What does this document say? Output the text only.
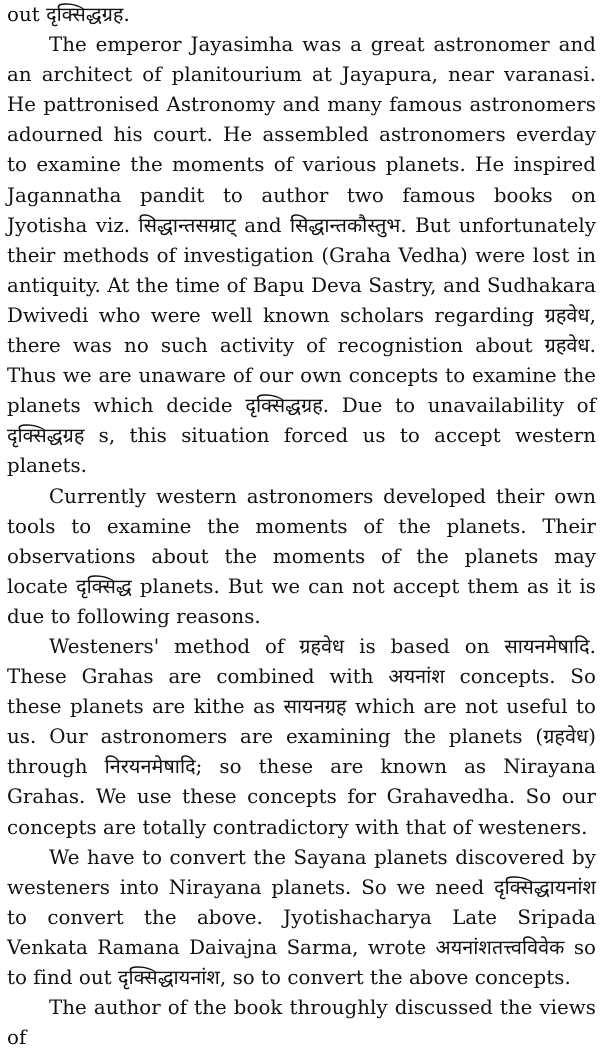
out दृक्सिद्धग्रह.

The emperor Jayasimha was a great astronomer and an architect of planitourium at Jayapura, near varanasi. He pattronised Astronomy and many famous astronomers adourned his court. He assembled astronomers everday to examine the moments of various planets. He inspired Jagannatha pandit to author two famous books on Jyotisha viz. सिद्धान्तसम्राट् and सिद्धान्तकौस्तुभ. But unfortunately their methods of investigation (Graha Vedha) were lost in antiquity. At the time of Bapu Deva Sastry, and Sudhakara Dwivedi who were well known scholars regarding ग्रहवेध, there was no such activity of recognistion about ग्रहवेध. Thus we are unaware of our own concepts to examine the planets which decide दृक्सिद्धग्रह. Due to unavailability of दृक्सिद्धग्रह s, this situation forced us to accept western planets.

Currently western astronomers developed their own tools to examine the moments of the planets. Their observations about the moments of the planets may locate दृक्सिद्ध planets. But we can not accept them as it is due to following reasons.

Westeners' method of ग्रहवेध is based on सायनमेषादि. These Grahas are combined with अयनांश concepts. So these planets are kithe as सायनग्रह which are not useful to us. Our astronomers are examining the planets (ग्रहवेध) through निरयनमेषादि; so these are known as Nirayana Grahas. We use these concepts for Grahavedha. So our concepts are totally contradictory with that of westeners.

We have to convert the Sayana planets discovered by westeners into Nirayana planets. So we need दृक्सिद्धायनांश to convert the above. Jyotishacharya Late Sripada Venkata Ramana Daivajna Sarma, wrote अयनांशतत्त्वविवेक so to find out दृक्सिद्धायनांश, so to convert the above concepts.

The author of the book throughly discussed the views of
